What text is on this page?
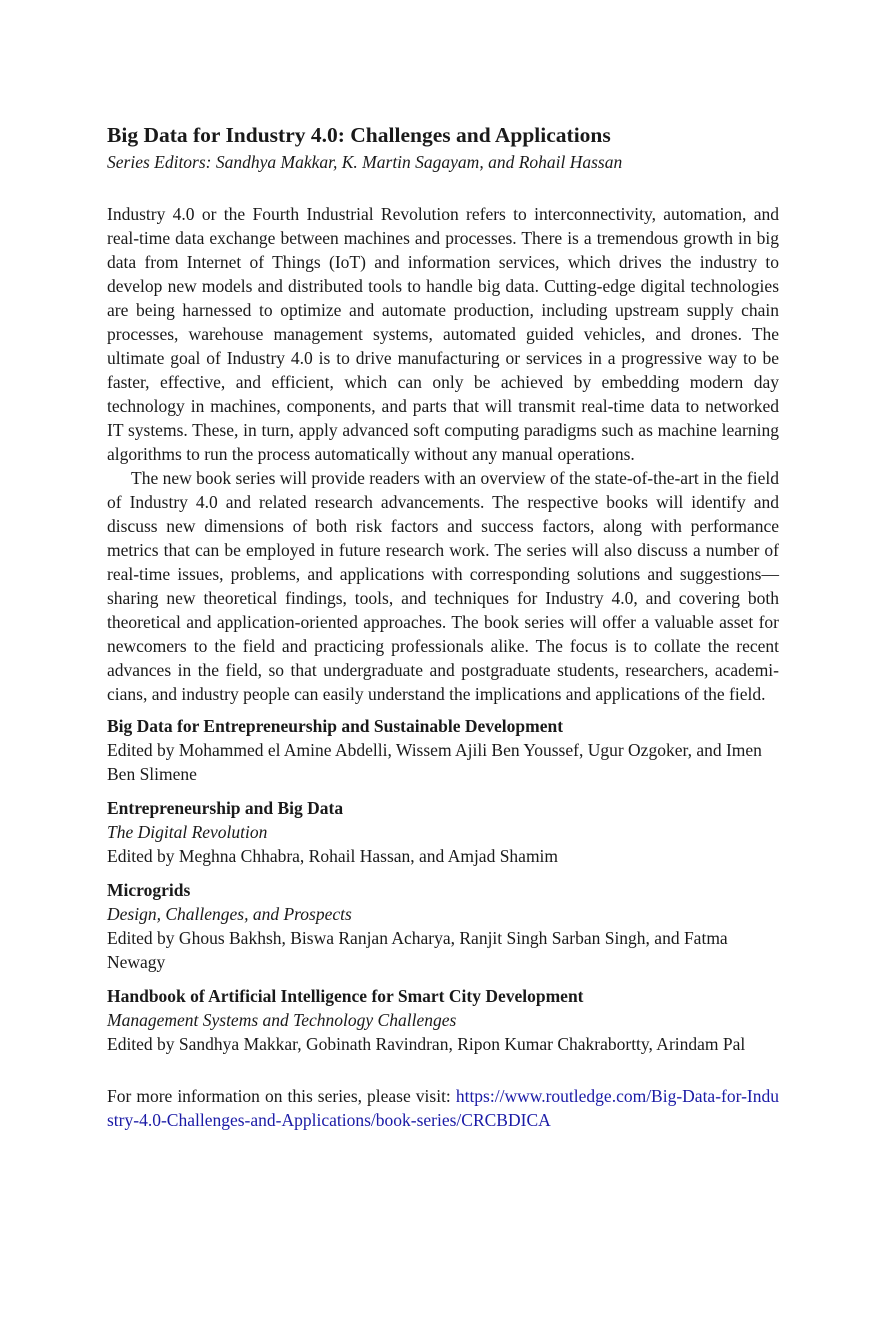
Big Data for Industry 4.0: Challenges and Applications

Series Editors: Sandhya Makkar, K. Martin Sagayam, and Rohail Hassan

Industry 4.0 or the Fourth Industrial Revolution refers to interconnectivity, automation, and real-time data exchange between machines and processes. There is a tremendous growth in big data from Internet of Things (IoT) and information services, which drives the industry to develop new models and distributed tools to handle big data. Cutting-edge digital technologies are being harnessed to optimize and automate production, including upstream supply chain processes, warehouse management systems, automated guided vehicles, and drones. The ultimate goal of Industry 4.0 is to drive manufacturing or services in a progressive way to be faster, effective, and efficient, which can only be achieved by embedding modern day technology in machines, components, and parts that will transmit real-time data to networked IT systems. These, in turn, apply advanced soft computing paradigms such as machine learning algorithms to run the process automatically without any manual operations.

The new book series will provide readers with an overview of the state-of-the-art in the field of Industry 4.0 and related research advancements. The respective books will identify and discuss new dimensions of both risk factors and success factors, along with performance metrics that can be employed in future research work. The series will also discuss a number of real-time issues, problems, and applications with corresponding solutions and suggestions—sharing new theoretical findings, tools, and techniques for Industry 4.0, and covering both theoretical and application-oriented approaches. The book series will offer a valuable asset for newcomers to the field and practicing professionals alike. The focus is to collate the recent advances in the field, so that undergraduate and postgraduate students, researchers, academicians, and industry people can easily understand the implications and applications of the field.

Big Data for Entrepreneurship and Sustainable Development
Edited by Mohammed el Amine Abdelli, Wissem Ajili Ben Youssef, Ugur Ozgoker, and Imen Ben Slimene
Entrepreneurship and Big Data
The Digital Revolution
Edited by Meghna Chhabra, Rohail Hassan, and Amjad Shamim
Microgrids
Design, Challenges, and Prospects
Edited by Ghous Bakhsh, Biswa Ranjan Acharya, Ranjit Singh Sarban Singh, and Fatma Newagy
Handbook of Artificial Intelligence for Smart City Development
Management Systems and Technology Challenges
Edited by Sandhya Makkar, Gobinath Ravindran, Ripon Kumar Chakrabortty, Arindam Pal

For more information on this series, please visit: https://www.routledge.com/Big-Data-for-Industry-4.0-Challenges-and-Applications/book-series/CRCBDICA
